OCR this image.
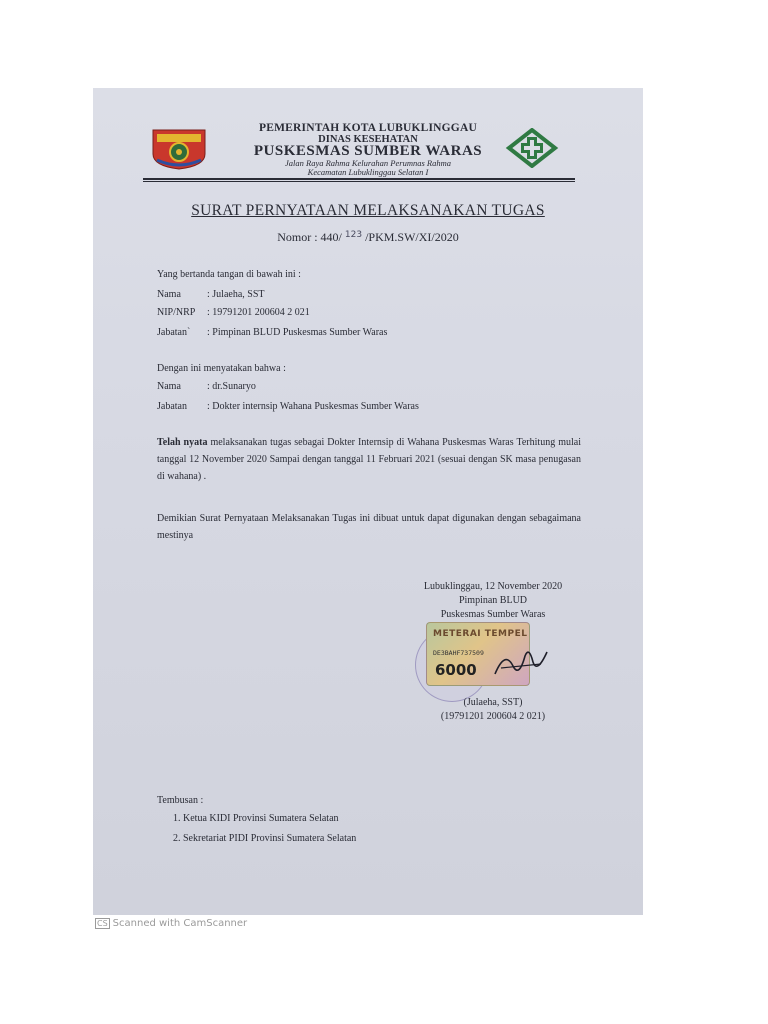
PEMERINTAH KOTA LUBUKLINGGAU
DINAS KESEHATAN
PUSKESMAS SUMBER WARAS
Jalan Raya Rahma Kelurahan Perumnas Rahma
Kecamatan Lubuklinggau Selatan I
SURAT PERNYATAAN MELAKSANAKAN TUGAS
Nomor : 440/ $^{123}$ /PKM.SW/XI/2020
Yang bertanda tangan di bawah ini :
Nama	: Julaeha, SST
NIP/NRP : 19791201 200604 2 021
Jabatan` : Pimpinan BLUD Puskesmas Sumber Waras
Dengan ini menyatakan bahwa :
Nama	: dr.Sunaryo
Jabatan : Dokter internsip Wahana Puskesmas Sumber Waras
Telah nyata melaksanakan tugas sebagai Dokter Internsip di Wahana Puskesmas Waras Terhitung mulai tanggal 12 November 2020 Sampai dengan tanggal 11 Februari 2021 (sesuai dengan SK masa penugasan di wahana) .
Demikian Surat Pernyataan Melaksanakan Tugas ini dibuat untuk dapat digunakan dengan sebagaimana mestinya
Lubuklinggau, 12 November 2020
Pimpinan BLUD
Puskesmas Sumber Waras
METERAI TEMPEL
DE3BAHF737509
6000
(Julaeha, SST)
(19791201 200604 2 021)
Tembusan :
1. Ketua KIDI Provinsi Sumatera Selatan
2. Sekretariat PIDI Provinsi Sumatera Selatan
CS Scanned with CamScanner
